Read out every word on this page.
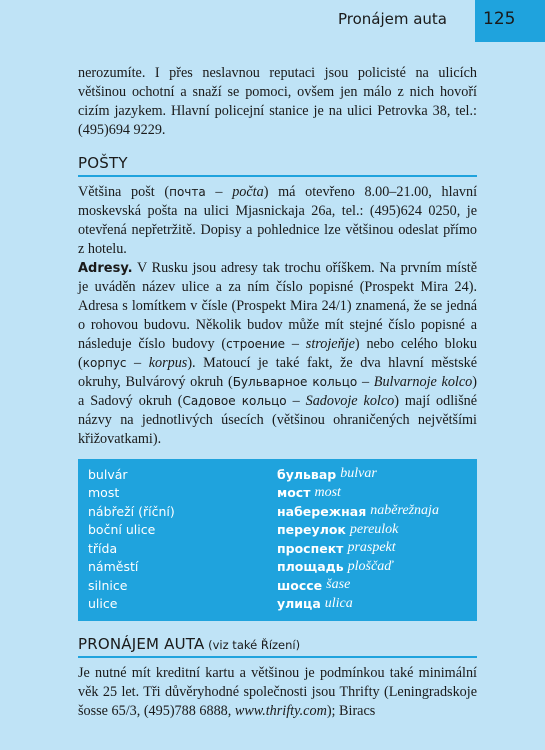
Pronájem auta 125

nerozumíte. I přes neslavnou reputaci jsou policisté na ulicích většinou ochotní a snaží se pomoci, ovšem jen málo z nich hovoří cizím jazykem. Hlavní policejní stanice je na ulici Petrovka 38, tel.: (495)694 9229.

POŠTY

Většina pošt (почта – počta) má otevřeno 8.00–21.00, hlavní moskevská pošta na ulici Mjasnickaja 26a, tel.: (495)624 0250, je otevřená nepřetržitě. Dopisy a pohlednice lze většinou odeslat přímo z hotelu.

Adresy. V Rusku jsou adresy tak trochu oříškem. Na prvním místě je uváděn název ulice a za ním číslo popisné (Prospekt Mira 24). Adresa s lomítkem v čísle (Prospekt Mira 24/1) znamená, že se jedná o rohovou budovu. Několik budov může mít stejné číslo popisné a následuje číslo budovy (строение – strojeňje) nebo celého bloku (корпус – korpus). Matoucí je také fakt, že dva hlavní městské okruhy, Bulvárový okruh (Бульварное кольцо – Bulvarnoje kolco) a Sadový okruh (Садовое кольцо – Sadovoje kolco) mají odlišné názvy na jednotlivých úsecích (většinou ohraničených největšími křižovatkami).

bulvár	бульвар bulvar
most	мост most
nábřeží (říční)	набережная naběrežnaja
boční ulice	переулок pereulok
třída	проспект praspekt
náměstí	площадь ploščaď
silnice	шоссе šase
ulice	улица ulica
PRONÁJEM AUTA (viz také Řízení)

Je nutné mít kreditní kartu a většinou je podmínkou také minimální věk 25 let. Tři důvěryhodné společnosti jsou Thrifty (Leningradskoje šosse 65/3, (495)788 6888, www.thrifty.com); Biracs
